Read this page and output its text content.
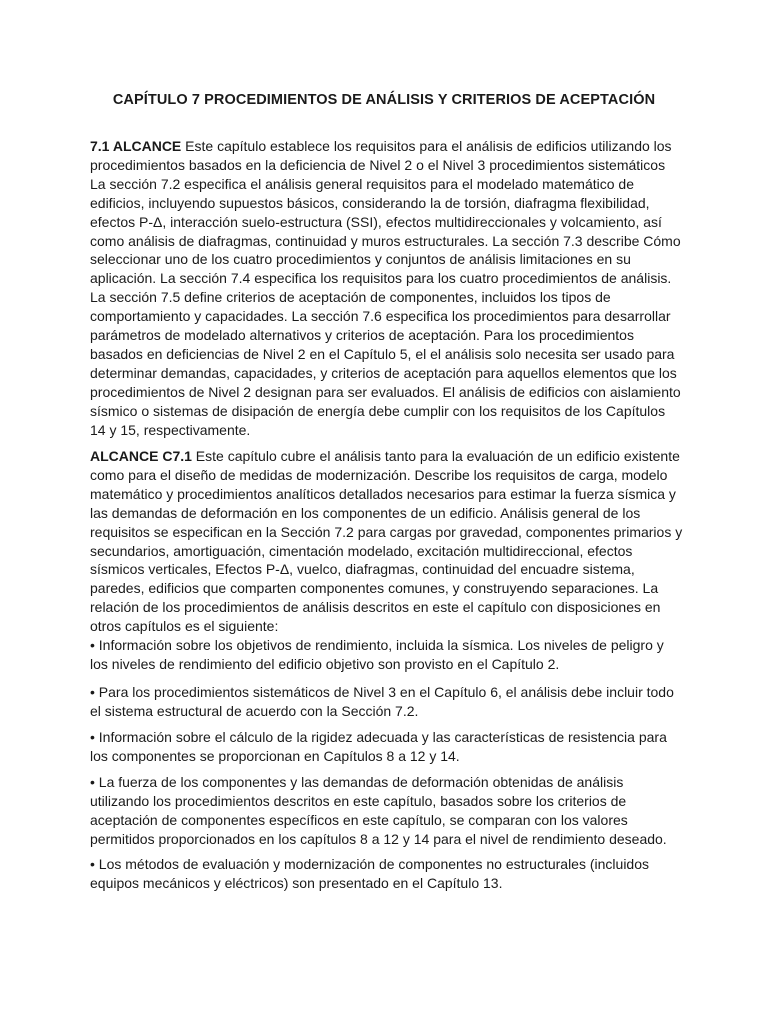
CAPÍTULO 7 PROCEDIMIENTOS DE ANÁLISIS Y CRITERIOS DE ACEPTACIÓN

7.1 ALCANCE Este capítulo establece los requisitos para el análisis de edificios utilizando los procedimientos basados en la deficiencia de Nivel 2 o el Nivel 3 procedimientos sistemáticos La sección 7.2 especifica el análisis general requisitos para el modelado matemático de edificios, incluyendo supuestos básicos, considerando la de torsión, diafragma flexibilidad, efectos P-Δ, interacción suelo-estructura (SSI), efectos multidireccionales y volcamiento, así como análisis de diafragmas, continuidad y muros estructurales. La sección 7.3 describe Cómo seleccionar uno de los cuatro procedimientos y conjuntos de análisis limitaciones en su aplicación. La sección 7.4 especifica los requisitos para los cuatro procedimientos de análisis. La sección 7.5 define criterios de aceptación de componentes, incluidos los tipos de comportamiento y capacidades. La sección 7.6 especifica los procedimientos para desarrollar parámetros de modelado alternativos y criterios de aceptación. Para los procedimientos basados en deficiencias de Nivel 2 en el Capítulo 5, el el análisis solo necesita ser usado para determinar demandas, capacidades, y criterios de aceptación para aquellos elementos que los procedimientos de Nivel 2 designan para ser evaluados. El análisis de edificios con aislamiento sísmico o sistemas de disipación de energía debe cumplir con los requisitos de los Capítulos 14 y 15, respectivamente.

ALCANCE C7.1 Este capítulo cubre el análisis tanto para la evaluación de un edificio existente como para el diseño de medidas de modernización. Describe los requisitos de carga, modelo matemático y procedimientos analíticos detallados necesarios para estimar la fuerza sísmica y las demandas de deformación en los componentes de un edificio. Análisis general de los requisitos se especifican en la Sección 7.2 para cargas por gravedad, componentes primarios y secundarios, amortiguación, cimentación modelado, excitación multidireccional, efectos sísmicos verticales, Efectos P-Δ, vuelco, diafragmas, continuidad del encuadre sistema, paredes, edificios que comparten componentes comunes, y construyendo separaciones. La relación de los procedimientos de análisis descritos en este el capítulo con disposiciones en otros capítulos es el siguiente:

• Información sobre los objetivos de rendimiento, incluida la sísmica. Los niveles de peligro y los niveles de rendimiento del edificio objetivo son provisto en el Capítulo 2.

• Para los procedimientos sistemáticos de Nivel 3 en el Capítulo 6, el análisis debe incluir todo el sistema estructural de acuerdo con la Sección 7.2.

• Información sobre el cálculo de la rigidez adecuada y las características de resistencia para los componentes se proporcionan en Capítulos 8 a 12 y 14.

• La fuerza de los componentes y las demandas de deformación obtenidas de análisis utilizando los procedimientos descritos en este capítulo, basados sobre los criterios de aceptación de componentes específicos en este capítulo, se comparan con los valores permitidos proporcionados en los capítulos 8 a 12 y 14 para el nivel de rendimiento deseado.

• Los métodos de evaluación y modernización de componentes no estructurales (incluidos equipos mecánicos y eléctricos) son presentado en el Capítulo 13.
